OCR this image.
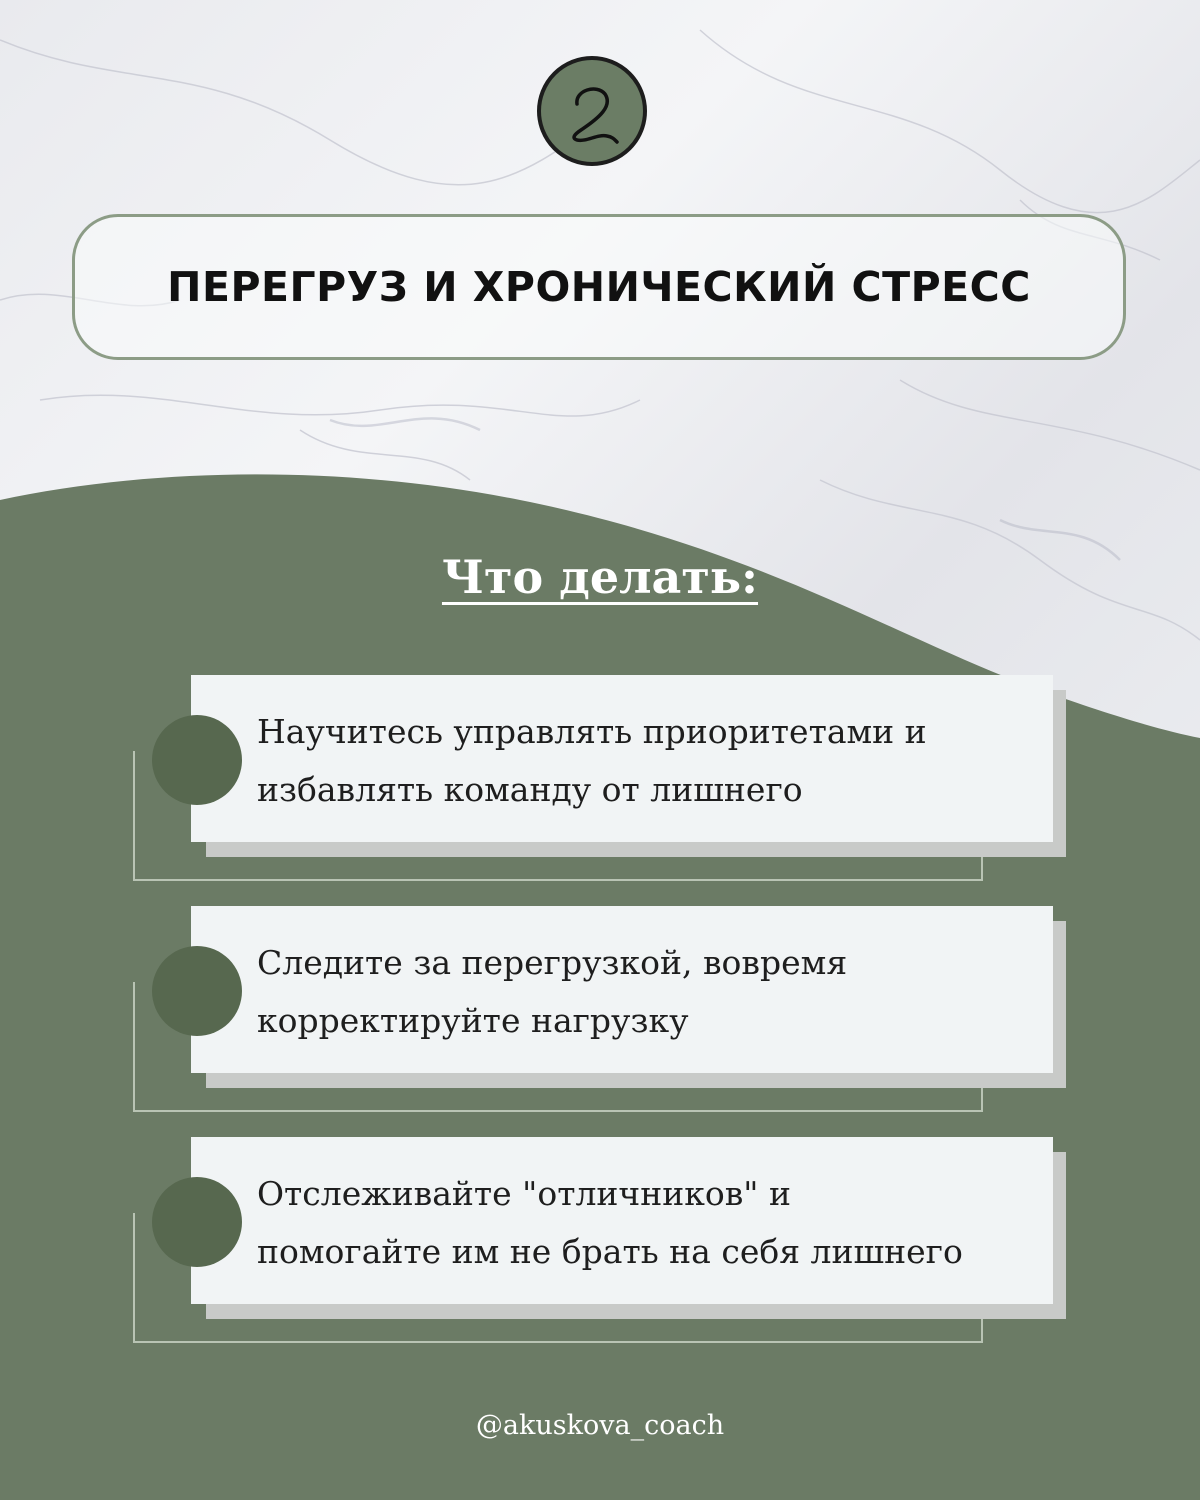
ПЕРЕГРУЗ И ХРОНИЧЕСКИЙ СТРЕСС
Что делать:
Научитесь управлять приоритетами и
избавлять команду от лишнего
Следите за перегрузкой, вовремя
корректируйте нагрузку
Отслеживайте "отличников" и
помогайте им не брать на себя лишнего
@akuskova_coach
